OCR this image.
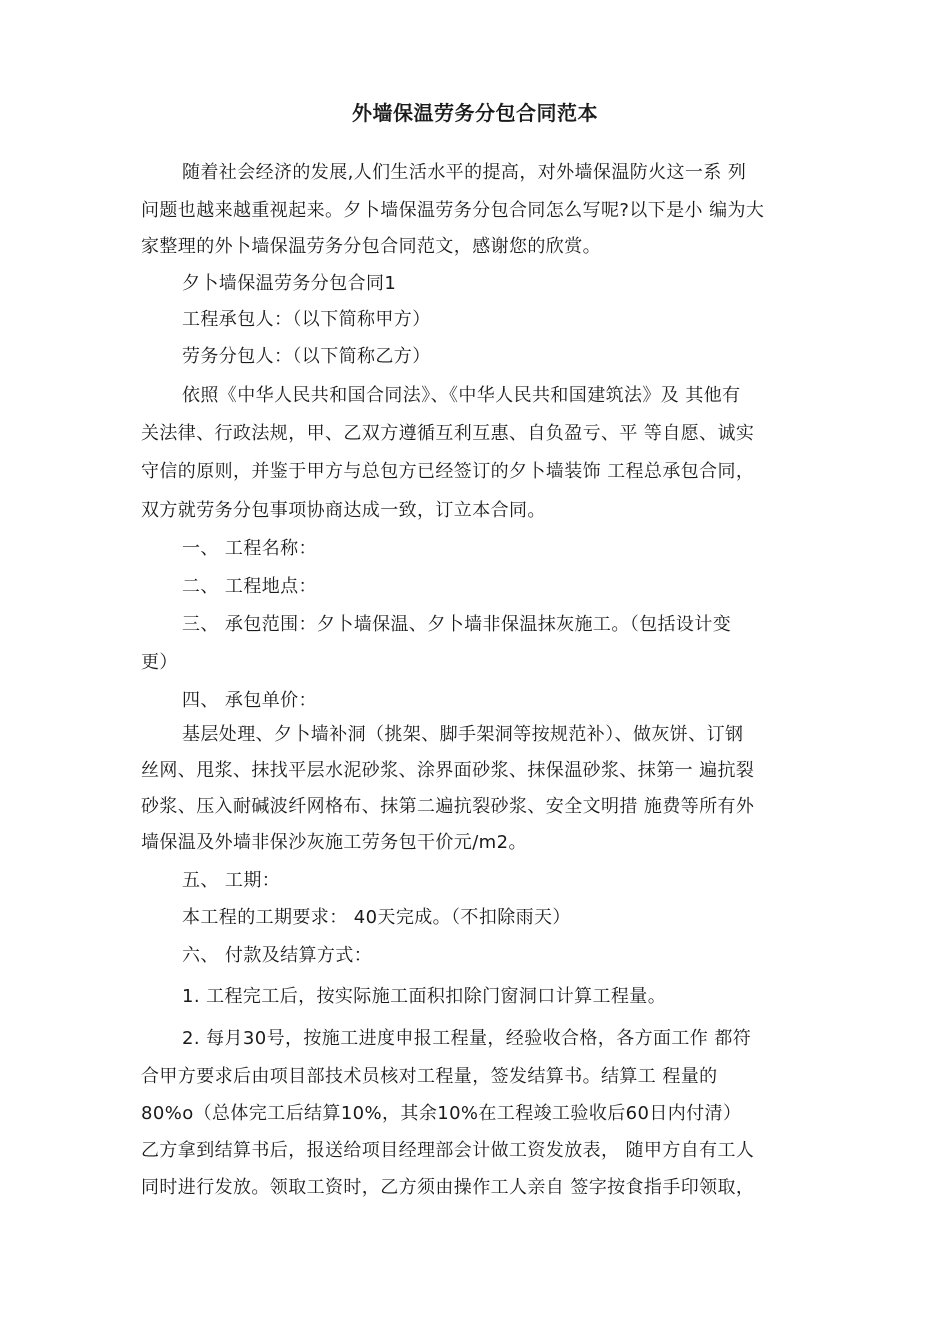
外墙保温劳务分包合同范本
随着社会经济的发展,人们生活水平的提高，对外墙保温防火这一系 列
问题也越来越重视起来。夕卜墙保温劳务分包合同怎么写呢?以下是小 编为大
家整理的外卜墙保温劳务分包合同范文，感谢您的欣赏。
夕卜墙保温劳务分包合同1
工程承包人：（以下简称甲方）
劳务分包人：（以下简称乙方）
依照《中华人民共和国合同法》、《中华人民共和国建筑法》及 其他有
关法律、行政法规，甲、乙双方遵循互利互惠、自负盈亏、平 等自愿、诚实
守信的原则，并鉴于甲方与总包方已经签订的夕卜墙装饰 工程总承包合同，
双方就劳务分包事项协商达成一致，订立本合同。
一、 工程名称：
二、 工程地点：
三、 承包范围：夕卜墙保温、夕卜墙非保温抹灰施工。（包括设计变
更）
四、 承包单价：
基层处理、夕卜墙补洞（挑架、脚手架洞等按规范补）、做灰饼、订钢
丝网、甩浆、抹找平层水泥砂浆、涂界面砂浆、抹保温砂浆、抹第一 遍抗裂
砂浆、压入耐碱波纤网格布、抹第二遍抗裂砂浆、安全文明措 施费等所有外
墙保温及外墙非保沙灰施工劳务包干价元/m2。
五、 工期：
本工程的工期要求： 40天完成。（不扣除雨天）
六、 付款及结算方式：
1. 工程完工后，按实际施工面积扣除门窗洞口计算工程量。
2. 每月30号，按施工进度申报工程量，经验收合格，各方面工作 都符
合甲方要求后由项目部技术员核对工程量，签发结算书。结算工 程量的
80%o（总体完工后结算10%，其余10%在工程竣工验收后60日内付清）
乙方拿到结算书后，报送给项目经理部会计做工资发放表， 随甲方自有工人
同时进行发放。领取工资时，乙方须由操作工人亲自 签字按食指手印领取，
